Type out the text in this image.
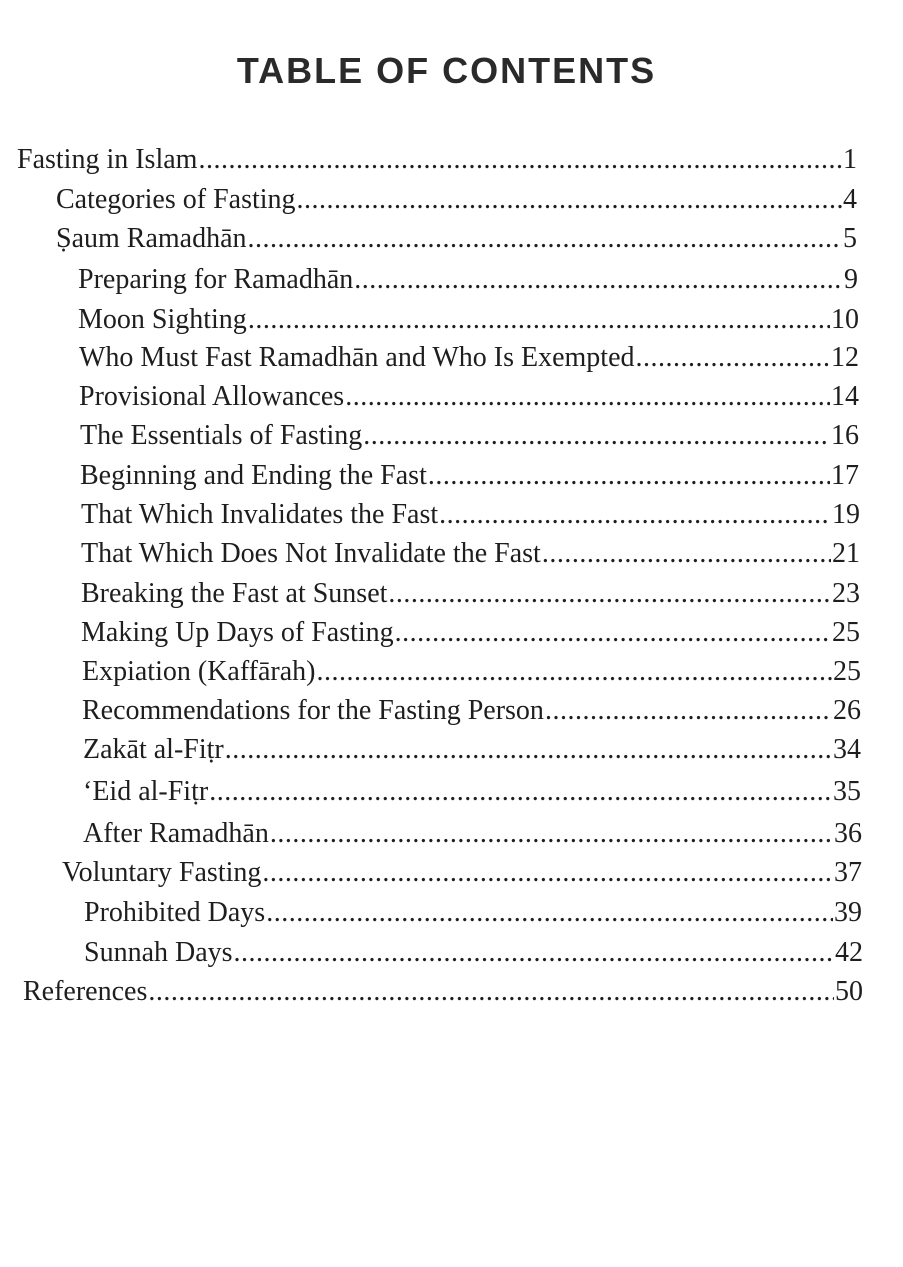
TABLE OF CONTENTS
Fasting in Islam .....	1
Categories of Fasting .....	4
Ṣaum Ramadhān .....	5
Preparing for Ramadhān .....	9
Moon Sighting .....	10
Who Must Fast Ramadhān and Who Is Exempted .....	12
Provisional Allowances .....	14
The Essentials of Fasting .....	16
Beginning and Ending the Fast .....	17
That Which Invalidates the Fast .....	19
That Which Does Not Invalidate the Fast .....	21
Breaking the Fast at Sunset .....	23
Making Up Days of Fasting .....	25
Expiation (Kaffārah) .....	25
Recommendations for the Fasting Person .....	26
Zakāt al-Fiṭr .....	34
‘Eid al-Fiṭr .....	35
After Ramadhān .....	36
Voluntary Fasting .....	37
Prohibited Days .....	39
Sunnah Days .....	42
References .....	50
